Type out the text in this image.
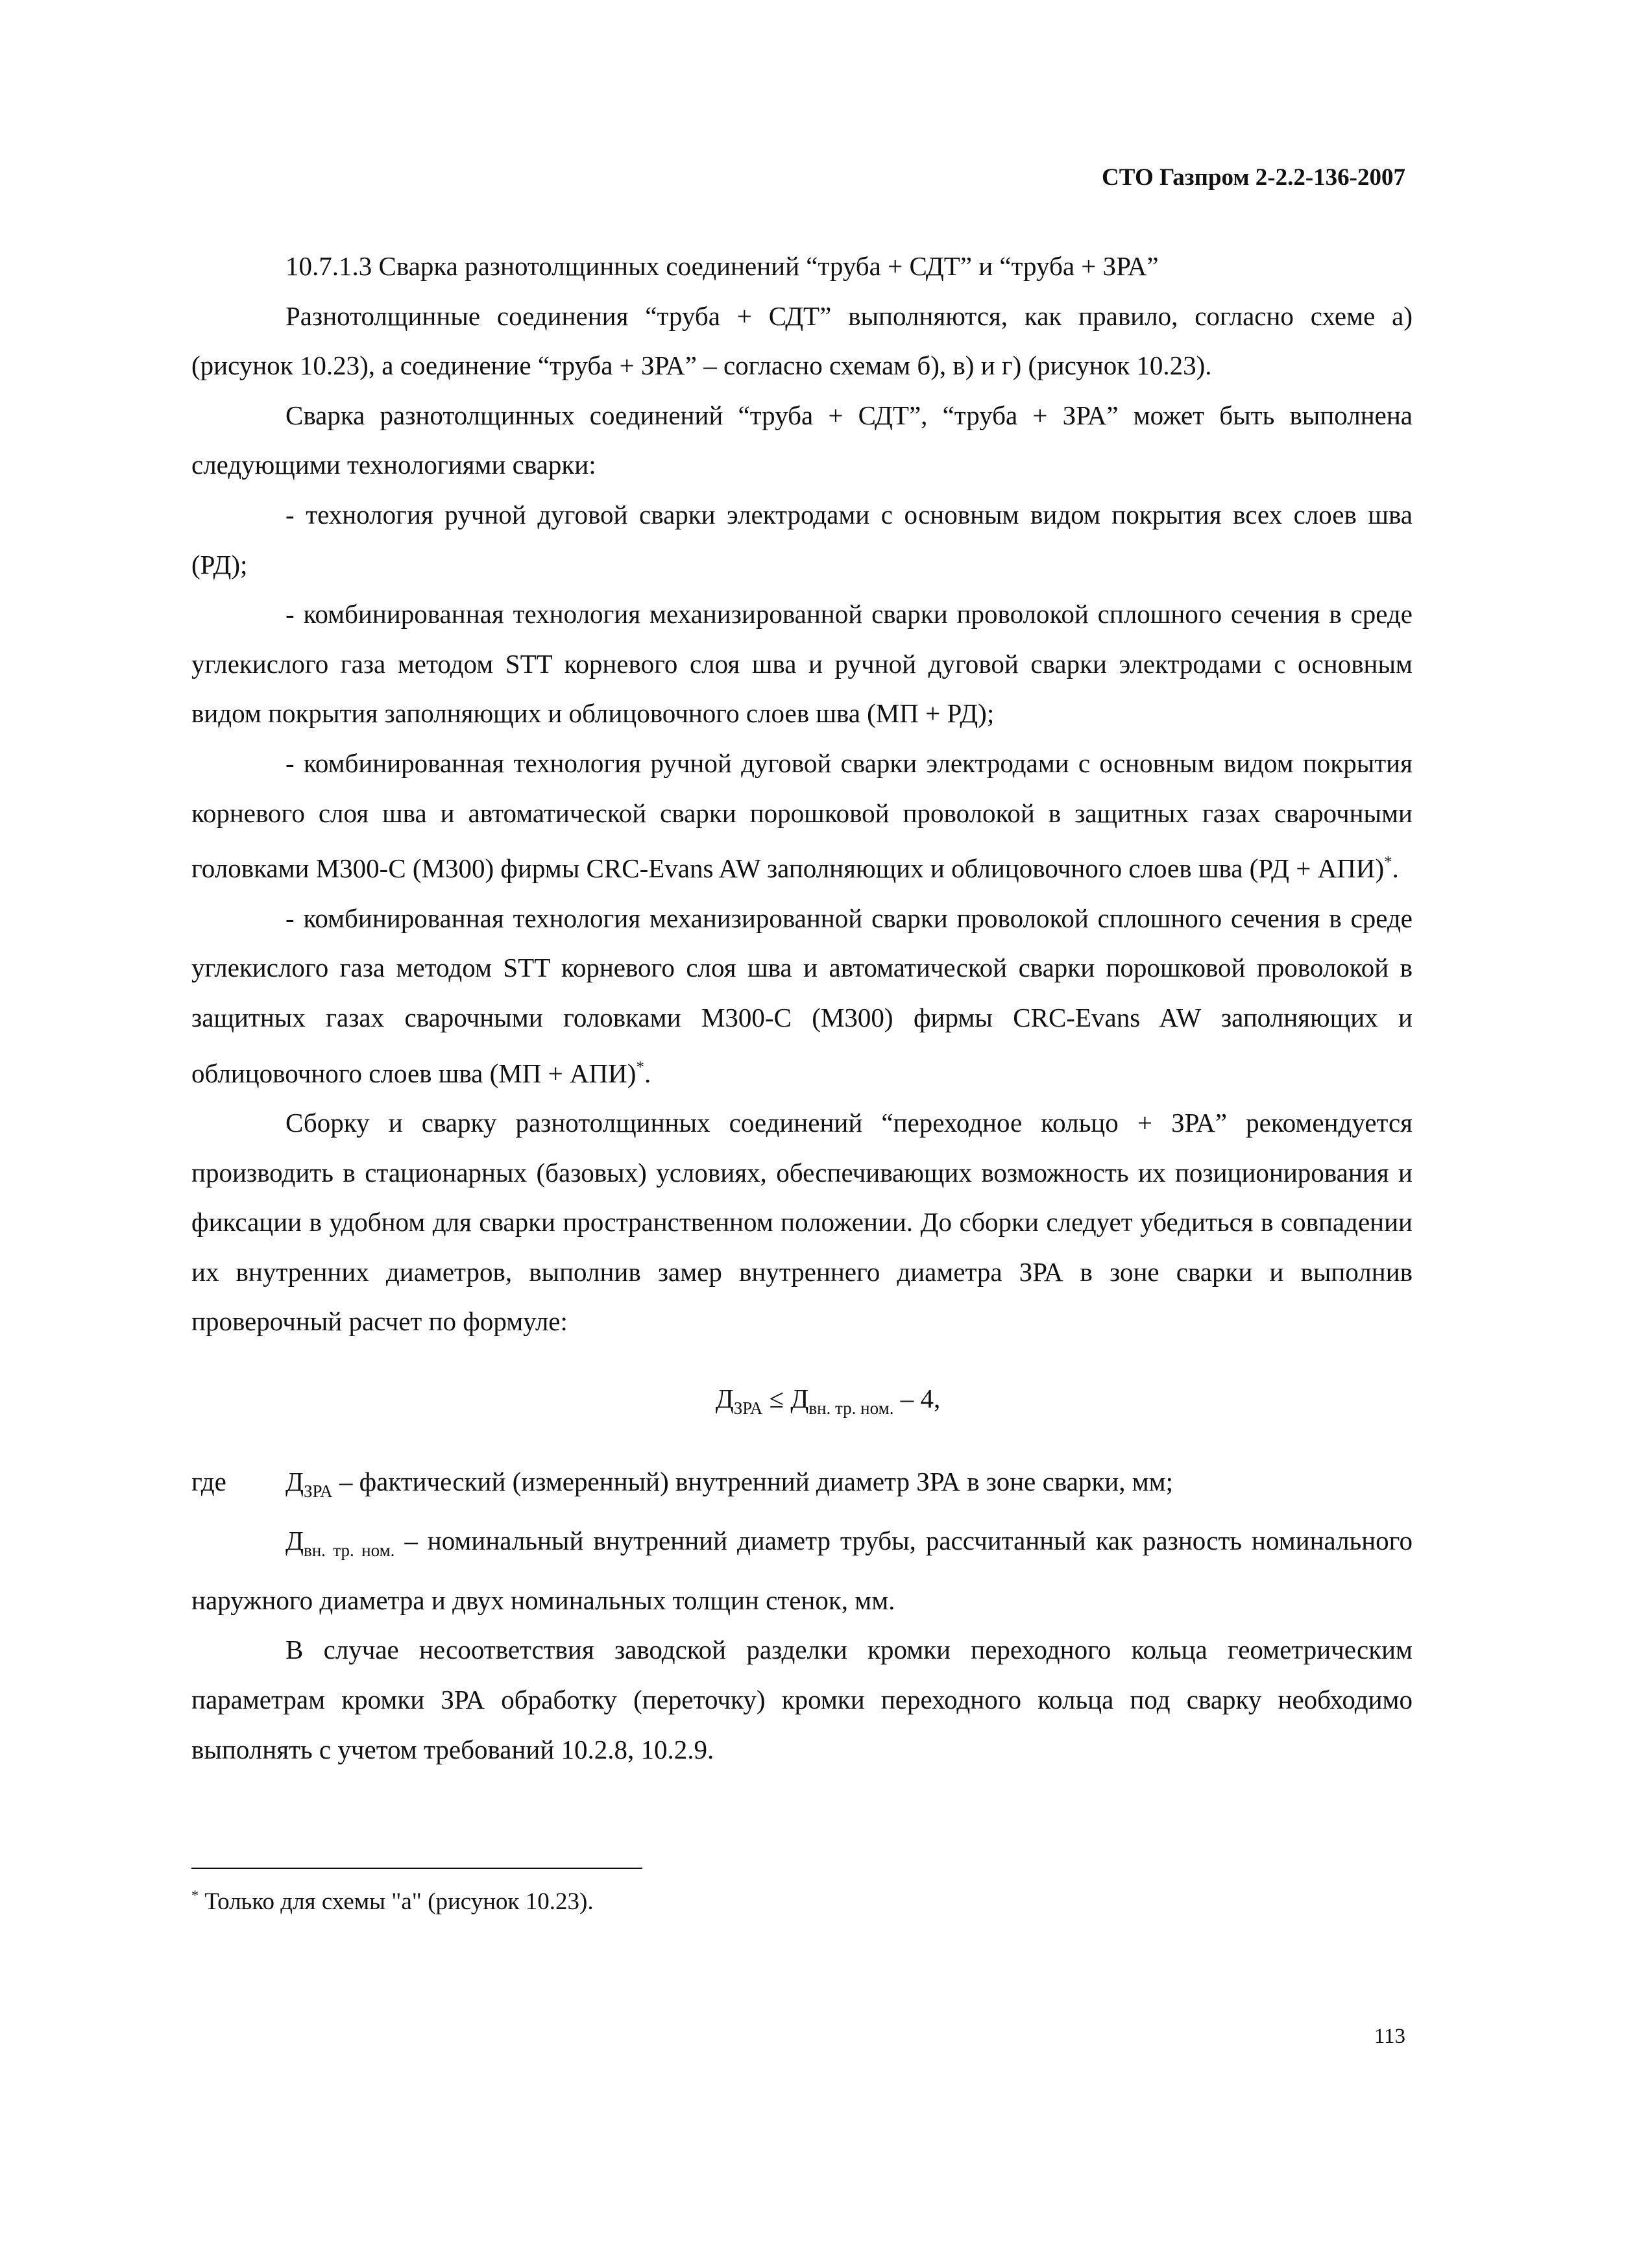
СТО Газпром 2-2.2-136-2007

10.7.1.3 Сварка разнотолщинных соединений “труба + СДТ” и “труба + ЗРА”

Разнотолщинные соединения “труба + СДТ” выполняются, как правило, согласно схеме а) (рисунок 10.23), а соединение “труба + ЗРА” – согласно схемам б), в) и г) (рисунок 10.23).

Сварка разнотолщинных соединений “труба + СДТ”, “труба + ЗРА” может быть выполнена следующими технологиями сварки:

- технология ручной дуговой сварки электродами с основным видом покрытия всех слоев шва (РД);

- комбинированная технология механизированной сварки проволокой сплошного сечения в среде углекислого газа методом STT корневого слоя шва и ручной дуговой сварки электродами с основным видом покрытия заполняющих и облицовочного слоев шва (МП + РД);

- комбинированная технология ручной дуговой сварки электродами с основным видом покрытия корневого слоя шва и автоматической сварки порошковой проволокой в защитных газах сварочными головками М300-С (М300) фирмы CRC-Evans AW заполняющих и облицовочного слоев шва (РД + АПИ)*.

- комбинированная технология механизированной сварки проволокой сплошного сечения в среде углекислого газа методом STT корневого слоя шва и автоматической сварки порошковой проволокой в защитных газах сварочными головками М300-С (М300) фирмы CRC-Evans AW заполняющих и облицовочного слоев шва (МП + АПИ)*.

Сборку и сварку разнотолщинных соединений “переходное кольцо + ЗРА” рекомендуется производить в стационарных (базовых) условиях, обеспечивающих возможность их позиционирования и фиксации в удобном для сварки пространственном положении. До сборки следует убедиться в совпадении их внутренних диаметров, выполнив замер внутреннего диаметра ЗРА в зоне сварки и выполнив проверочный расчет по формуле:

$Д_{ЗРА} \le Д_{вн. тр. ном.} - 4$,
где	$Д_{ЗРА}$ – фактический (измеренный) внутренний диаметр ЗРА в зоне сварки, мм;

$Д_{вн. тр. ном.}$ – номинальный внутренний диаметр трубы, рассчитанный как разность номинального наружного диаметра и двух номинальных толщин стенок, мм.

В случае несоответствия заводской разделки кромки переходного кольца геометрическим параметрам кромки ЗРА обработку (переточку) кромки переходного кольца под сварку необходимо выполнять с учетом требований 10.2.8, 10.2.9.

* Только для схемы "а" (рисунок 10.23).
113
